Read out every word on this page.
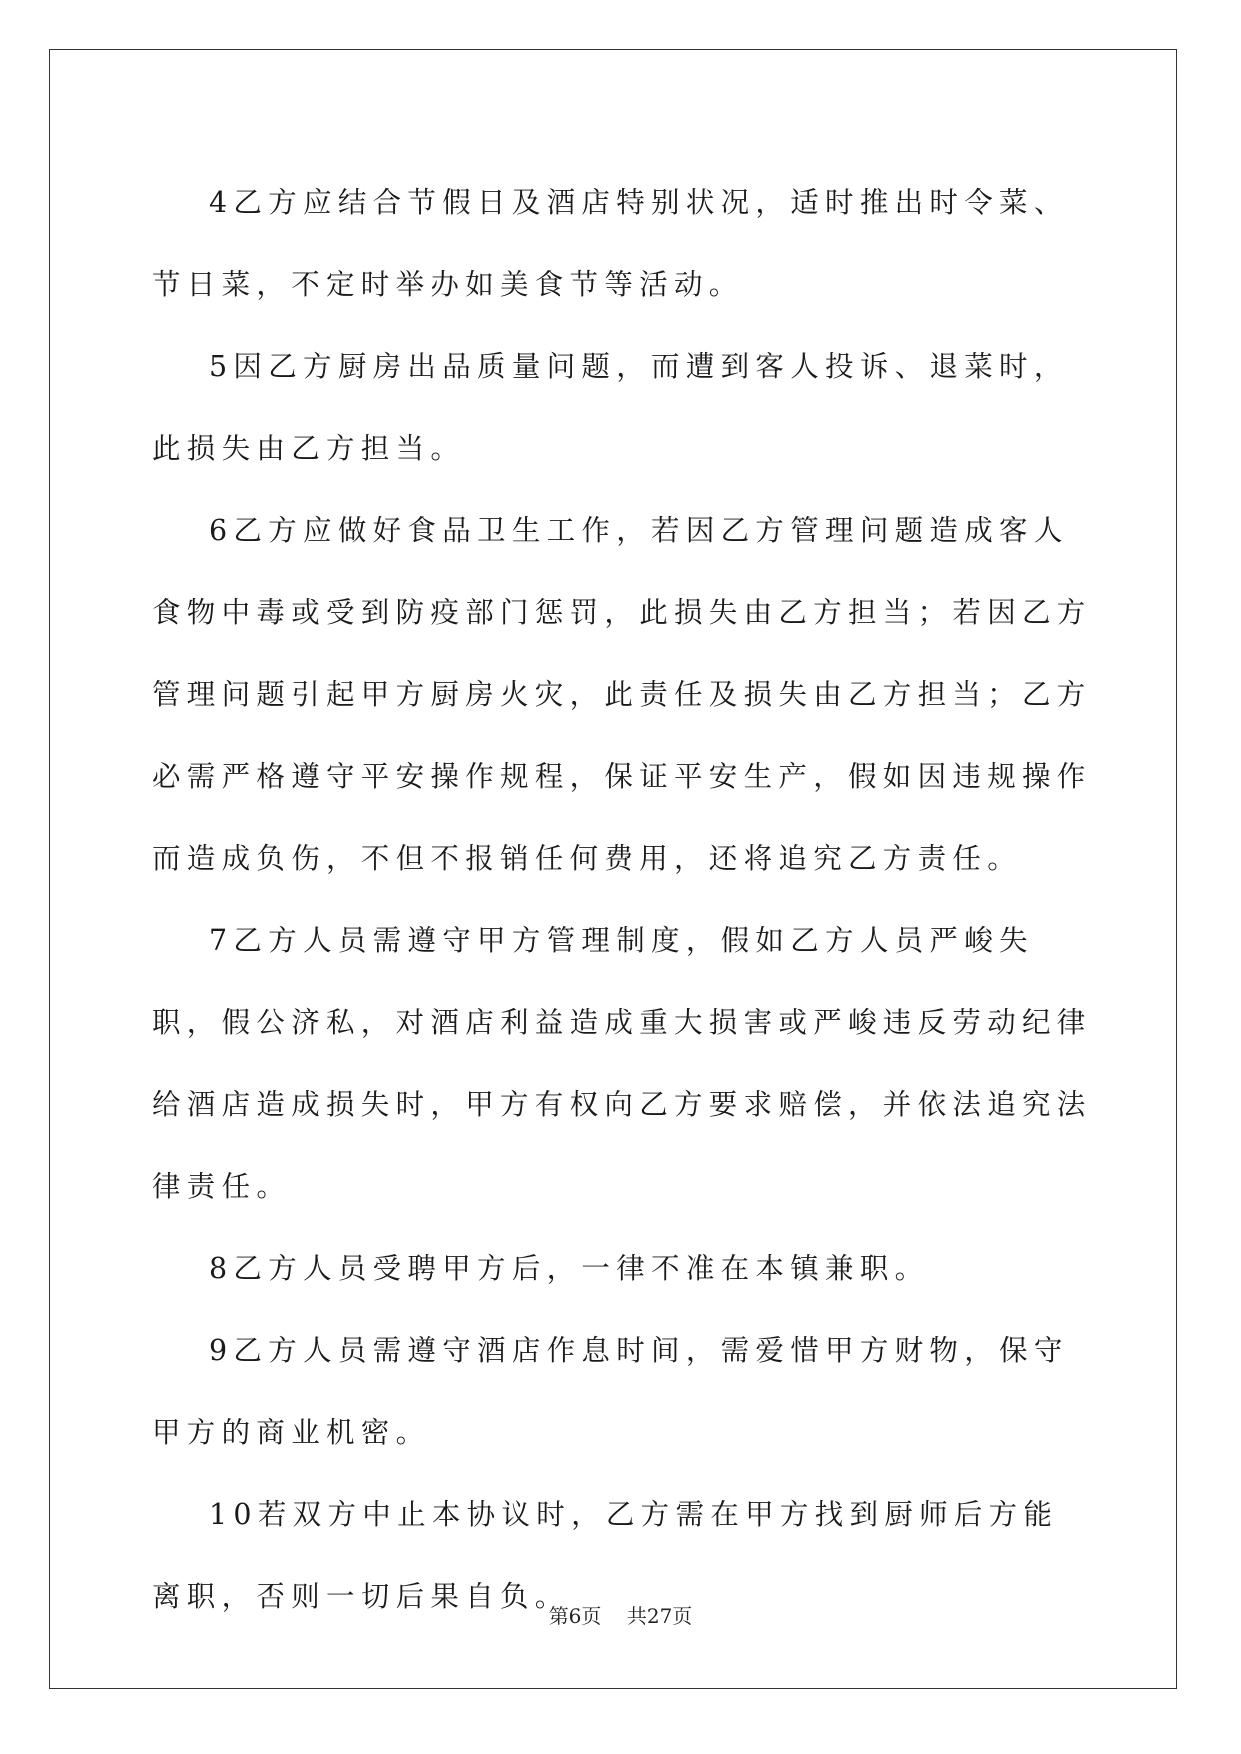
4乙方应结合节假日及酒店特别状况，适时推出时令菜、节日菜，不定时举办如美食节等活动。

5因乙方厨房出品质量问题，而遭到客人投诉、退菜时，此损失由乙方担当。

6乙方应做好食品卫生工作，若因乙方管理问题造成客人食物中毒或受到防疫部门惩罚，此损失由乙方担当；若因乙方管理问题引起甲方厨房火灾，此责任及损失由乙方担当；乙方必需严格遵守平安操作规程，保证平安生产，假如因违规操作而造成负伤，不但不报销任何费用，还将追究乙方责任。

7乙方人员需遵守甲方管理制度，假如乙方人员严峻失职，假公济私，对酒店利益造成重大损害或严峻违反劳动纪律给酒店造成损失时，甲方有权向乙方要求赔偿，并依法追究法律责任。

8乙方人员受聘甲方后，一律不准在本镇兼职。

9乙方人员需遵守酒店作息时间，需爱惜甲方财物，保守甲方的商业机密。

10若双方中止本协议时，乙方需在甲方找到厨师后方能离职，否则一切后果自负。

第6页 共27页
